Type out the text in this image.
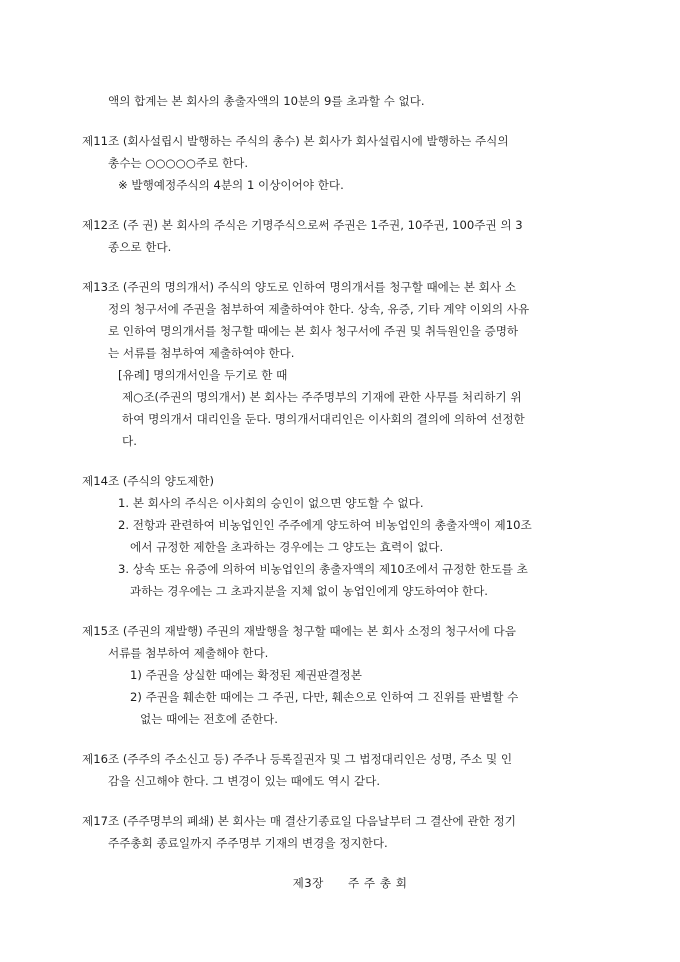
액의 합계는 본 회사의 총출자액의 10분의 9를 초과할 수 없다.
제11조 (회사설립시 발행하는 주식의 총수) 본 회사가 회사설립시에 발행하는 주식의
총수는 ○○○○○주로 한다.
※ 발행예정주식의 4분의 1 이상이어야 한다.
제12조 (주 권) 본 회사의 주식은 기명주식으로써 주권은 1주권, 10주권, 100주권 의 3
종으로 한다.
제13조 (주권의 명의개서) 주식의 양도로 인하여 명의개서를 청구할 때에는 본 회사 소
정의 청구서에 주권을 첨부하여 제출하여야 한다. 상속, 유증, 기타 계약 이외의 사유
로 인하여 명의개서를 청구할 때에는 본 회사 청구서에 주권 및 취득원인을 증명하
는 서류를 첨부하여 제출하여야 한다.
[유례] 명의개서인을 두기로 한 때
제○조(주권의 명의개서) 본 회사는 주주명부의 기재에 관한 사무를 처리하기 위
하여 명의개서 대리인을 둔다. 명의개서대리인은 이사회의 결의에 의하여 선정한
다.
제14조 (주식의 양도제한)
1. 본 회사의 주식은 이사회의 승인이 없으면 양도할 수 없다.
2. 전항과 관련하여 비농업인인 주주에게 양도하여 비농업인의 총출자액이 제10조
에서 규정한 제한을 초과하는 경우에는 그 양도는 효력이 없다.
3. 상속 또는 유증에 의하여 비농업인의 총출자액의 제10조에서 규정한 한도를 초
과하는 경우에는 그 초과지분을 지체 없이 농업인에게 양도하여야 한다.
제15조 (주권의 재발행) 주권의 재발행을 청구할 때에는 본 회사 소정의 청구서에 다음
서류를 첨부하여 제출해야 한다.
1) 주권을 상실한 때에는 확정된 제권판결정본
2) 주권을 훼손한 때에는 그 주권, 다만, 훼손으로 인하여 그 진위를 판별할 수
없는 때에는 전호에 준한다.
제16조 (주주의 주소신고 등) 주주나 등록질권자 및 그 법정대리인은 성명, 주소 및 인
감을 신고해야 한다. 그 변경이 있는 때에도 역시 같다.
제17조 (주주명부의 폐쇄) 본 회사는 매 결산기종료일 다음날부터 그 결산에 관한 정기
주주총회 종료일까지 주주명부 기재의 변경을 정지한다.
제3장 주 주 총 회
